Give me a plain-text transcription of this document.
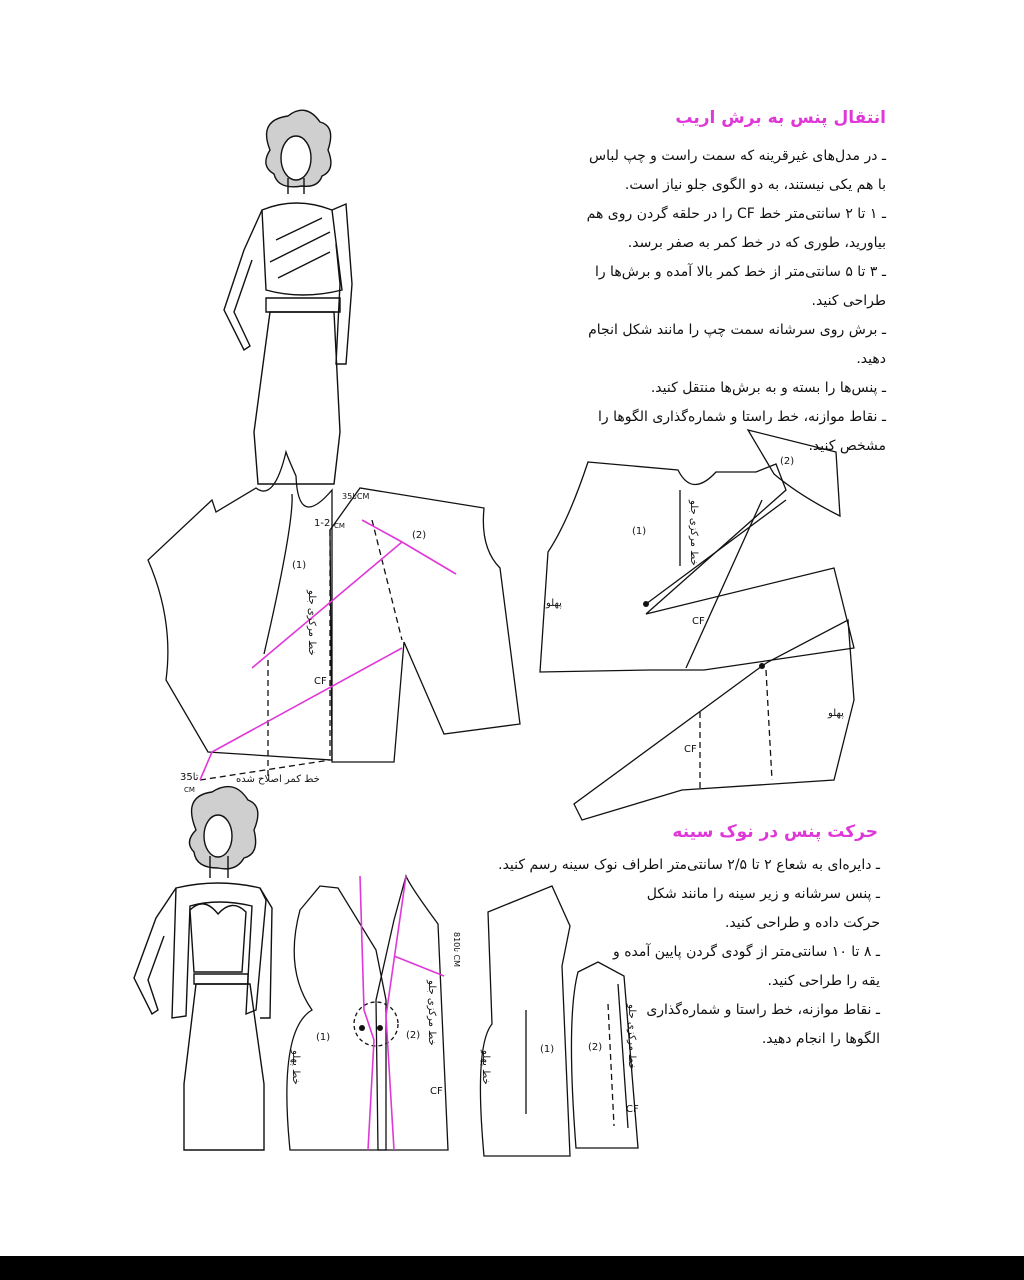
(1)
(2)
1-2 CM
3تا5CM
CF
خط مرکزی جلو
3تا5
CM
خط کمر اصلاح شده
(1)
(2)
پهلو
پهلو
CF
CF
خط مرکزی جلو
(1)	(2)
خط پهلو
خط مرکزی جلو
CF
8تا10 CM
(1)	(2)
خط پهلو	خط مرکزی جلو
CF
انتقال پنس به برش اریب
ـ در مدل‌های غیرقرینه که سمت راست و چپ لباس با هم یکی نیستند، به دو الگوی جلو نیاز است.
ـ ۱ تا ۲ سانتی‌متر خط CF را در حلقه گردن روی هم بیاورید، طوری که در خط کمر به صفر برسد.
ـ ۳ تا ۵ سانتی‌متر از خط کمر بالا آمده و برش‌ها را طراحی کنید.
ـ برش روی سرشانه سمت چپ را مانند شکل انجام دهید.
ـ پنس‌ها را بسته و به برش‌ها منتقل کنید.
ـ نقاط موازنه، خط راستا و شماره‌گذاری الگوها را مشخص کنید.
حرکت پنس در نوک سینه
ـ دایره‌ای به شعاع ۲ تا ۲/۵ سانتی‌متر اطراف نوک سینه رسم کنید.
ـ پنس سرشانه و زیر سینه را مانند شکل حرکت داده و طراحی کنید.
ـ ۸ تا ۱۰ سانتی‌متر از گودی گردن پایین آمده و یقه را طراحی کنید.
ـ نقاط موازنه، خط راستا و شماره‌گذاری الگوها را انجام دهید.
